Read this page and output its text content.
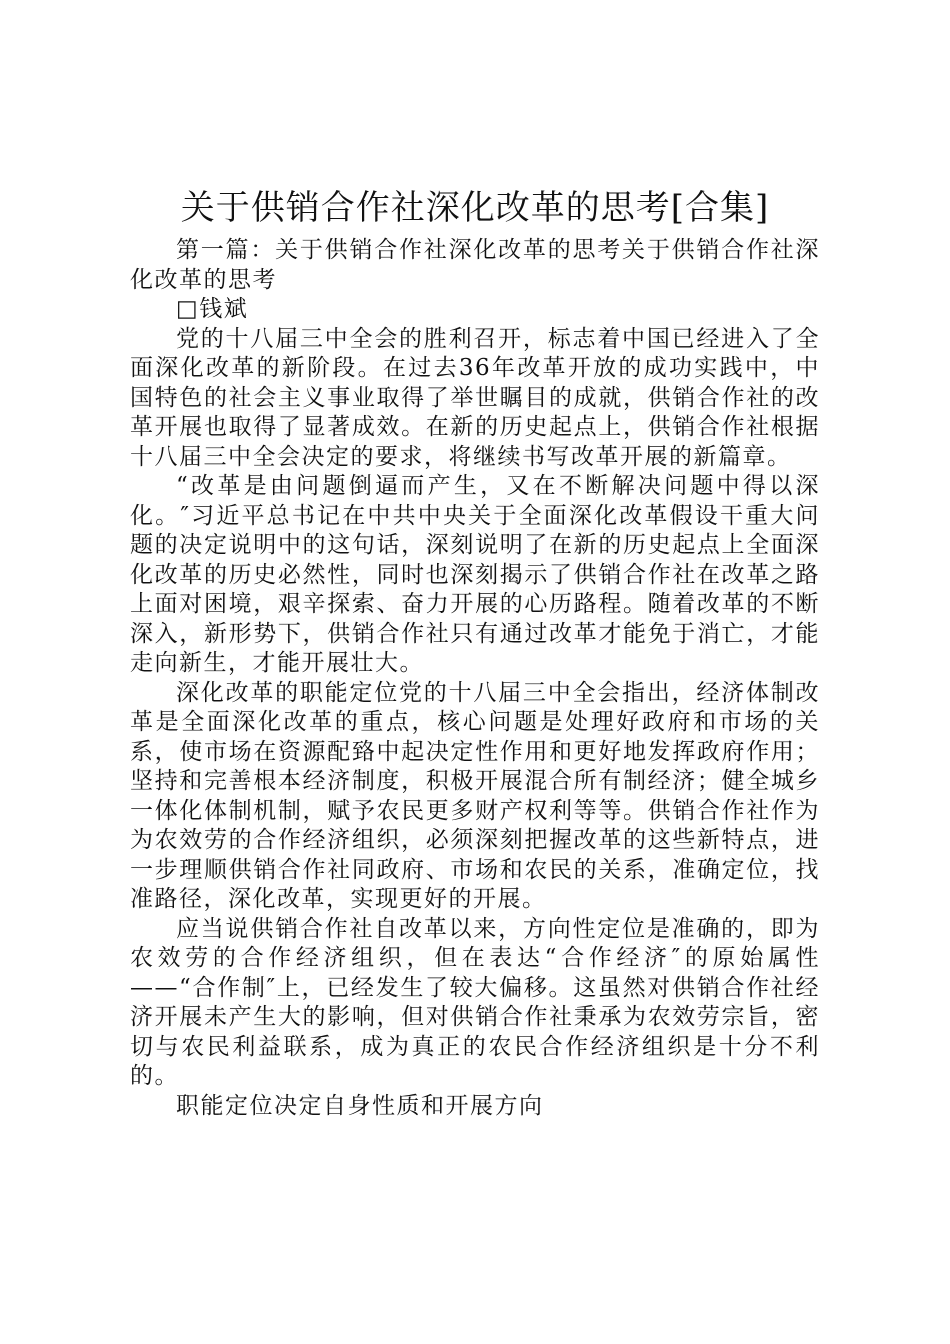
关于供销合作社深化改革的思考[合集]

第一篇：关于供销合作社深化改革的思考关于供销合作社深化改革的思考

□钱斌

党的十八届三中全会的胜利召开，标志着中国已经进入了全面深化改革的新阶段。在过去36年改革开放的成功实践中，中国特色的社会主义事业取得了举世瞩目的成就，供销合作社的改革开展也取得了显著成效。在新的历史起点上，供销合作社根据十八届三中全会决定的要求，将继续书写改革开展的新篇章。

“改革是由问题倒逼而产生，又在不断解决问题中得以深化。″习近平总书记在中共中央关于全面深化改革假设干重大问题的决定说明中的这句话，深刻说明了在新的历史起点上全面深化改革的历史必然性，同时也深刻揭示了供销合作社在改革之路上面对困境，艰辛探索、奋力开展的心历路程。随着改革的不断深入，新形势下，供销合作社只有通过改革才能免于消亡，才能走向新生，才能开展壮大。

深化改革的职能定位党的十八届三中全会指出，经济体制改革是全面深化改革的重点，核心问题是处理好政府和市场的关系，使市场在资源配臵中起决定性作用和更好地发挥政府作用；坚持和完善根本经济制度，积极开展混合所有制经济；健全城乡一体化体制机制，赋予农民更多财产权利等等。供销合作社作为为农效劳的合作经济组织，必须深刻把握改革的这些新特点，进一步理顺供销合作社同政府、市场和农民的关系，准确定位，找准路径，深化改革，实现更好的开展。

应当说供销合作社自改革以来，方向性定位是准确的，即为农效劳的合作经济组织，但在表达“合作经济″的原始属性——“合作制″上，已经发生了较大偏移。这虽然对供销合作社经济开展未产生大的影响，但对供销合作社秉承为农效劳宗旨，密切与农民利益联系，成为真正的农民合作经济组织是十分不利的。

职能定位决定自身性质和开展方向
